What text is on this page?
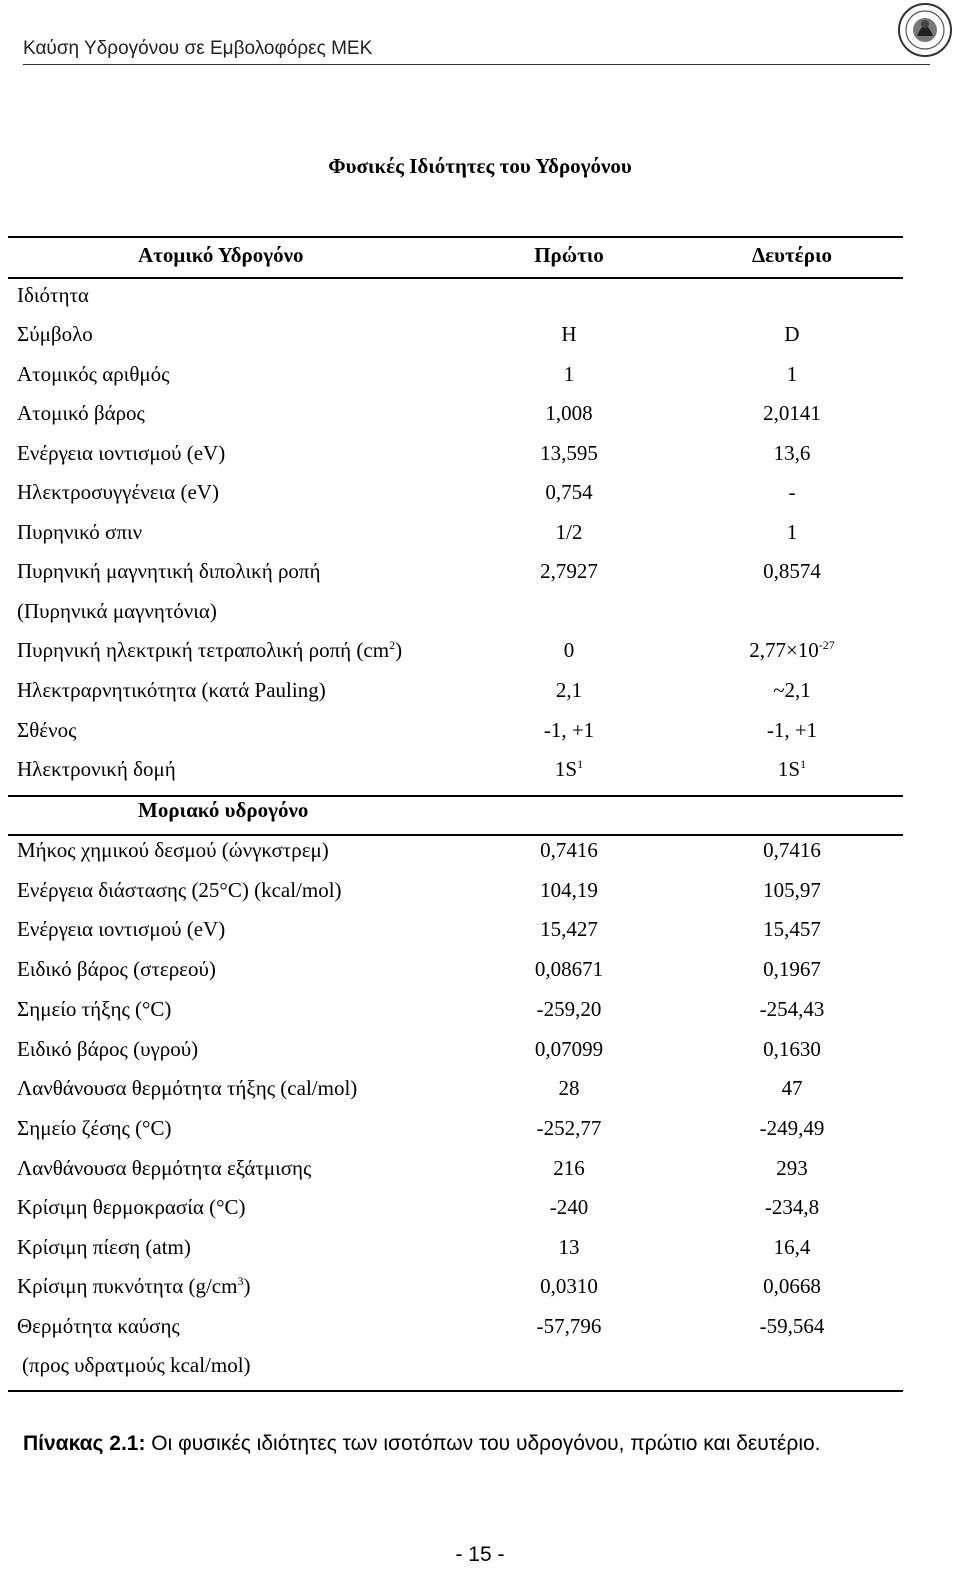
Καύση Υδρογόνου σε Εμβολοφόρες ΜΕΚ
Φυσικές Ιδιότητες του Υδρογόνου
Ατομικό Υδρογόνο	Πρώτιο	Δευτέριο
Ιδιότητα
Σύμβολο	H	D
Ατομικός αριθμός	1	1
Ατομικό βάρος	1,008	2,0141
Ενέργεια ιοντισμού (eV)	13,595	13,6
Ηλεκτροσυγγένεια (eV)	0,754	-
Πυρηνικό σπιν	1/2	1
Πυρηνική μαγνητική διπολική ροπή	2,7927	0,8574
(Πυρηνικά μαγνητόνια)
Πυρηνική ηλεκτρική τετραπολική ροπή $(cm^2)$	0	$2,77\times 10^{-27}$
Ηλεκτραρνητικότητα (κατά Pauling)	2,1	~2,1
Σθένος	-1, +1	-1, +1
Ηλεκτρονική δομή	$1S^1$	$1S^1$
Μοριακό υδρογόνο
Μήκος χημικού δεσμού (ώνγκστρεμ)	0,7416	0,7416
Ενέργεια διάστασης (25°C) (kcal/mol)	104,19	105,97
Ενέργεια ιοντισμού (eV)	15,427	15,457
Ειδικό βάρος (στερεού)	0,08671	0,1967
Σημείο τήξης (°C)	-259,20	-254,43
Ειδικό βάρος (υγρού)	0,07099	0,1630
Λανθάνουσα θερμότητα τήξης (cal/mol)	28	47
Σημείο ζέσης (°C)	-252,77	-249,49
Λανθάνουσα θερμότητα εξάτμισης	216	293
Κρίσιμη θερμοκρασία (°C)	-240	-234,8
Κρίσιμη πίεση (atm)	13	16,4
Κρίσιμη πυκνότητα $(g/cm^3)$	0,0310	0,0668
Θερμότητα καύσης	-57,796	-59,564
(προς υδρατμούς kcal/mol)
Πίνακας 2.1: Οι φυσικές ιδιότητες των ισοτόπων του υδρογόνου, πρώτιο και δευτέριο.
- 15 -
